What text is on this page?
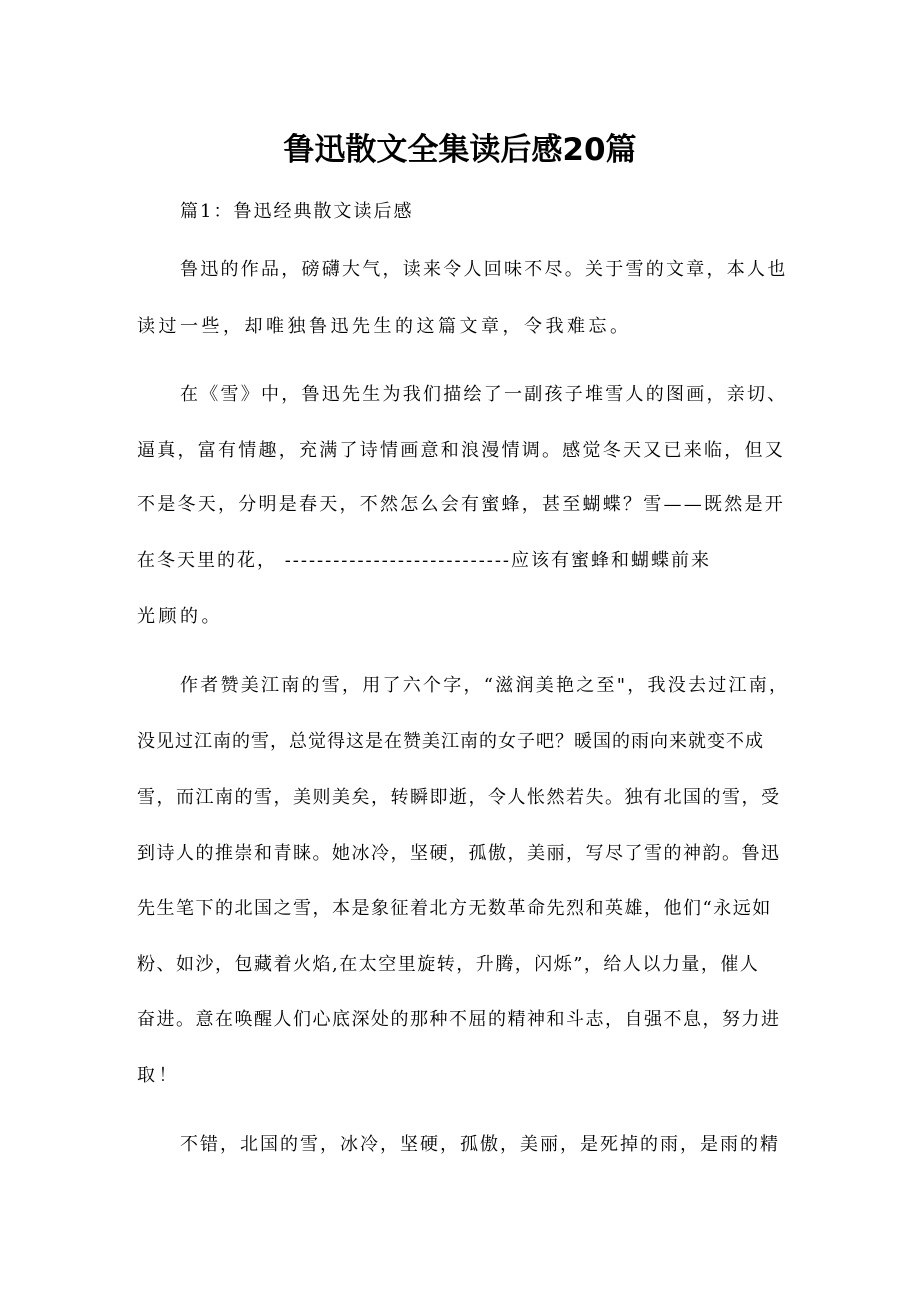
鲁迅散文全集读后感20篇
篇1：鲁迅经典散文读后感
鲁迅的作品，磅礴大气，读来令人回味不尽。关于雪的文章，本人也
读过一些，却唯独鲁迅先生的这篇文章，令我难忘。
在《雪》中，鲁迅先生为我们描绘了一副孩子堆雪人的图画，亲切、
逼真，富有情趣，充满了诗情画意和浪漫情调。感觉冬天又已来临，但又
不是冬天，分明是春天，不然怎么会有蜜蜂，甚至蝴蝶？雪——既然是开
在冬天里的花， ----------------------------应该有蜜蜂和蝴蝶前来
光顾的。
作者赞美江南的雪，用了六个字，“滋润美艳之至"，我没去过江南，
没见过江南的雪，总觉得这是在赞美江南的女子吧？暖国的雨向来就变不成
雪，而江南的雪，美则美矣，转瞬即逝，令人怅然若失。独有北国的雪，受
到诗人的推崇和青睐。她冰冷，坚硬，孤傲，美丽，写尽了雪的神韵。鲁迅
先生笔下的北国之雪，本是象征着北方无数革命先烈和英雄，他们“永远如
粉、如沙，包藏着火焰,在太空里旋转，升腾，闪烁”，给人以力量，催人
奋进。意在唤醒人们心底深处的那种不屈的精神和斗志，自强不息，努力进
取！
不错，北国的雪，冰冷，坚硬，孤傲，美丽，是死掉的雨，是雨的精
